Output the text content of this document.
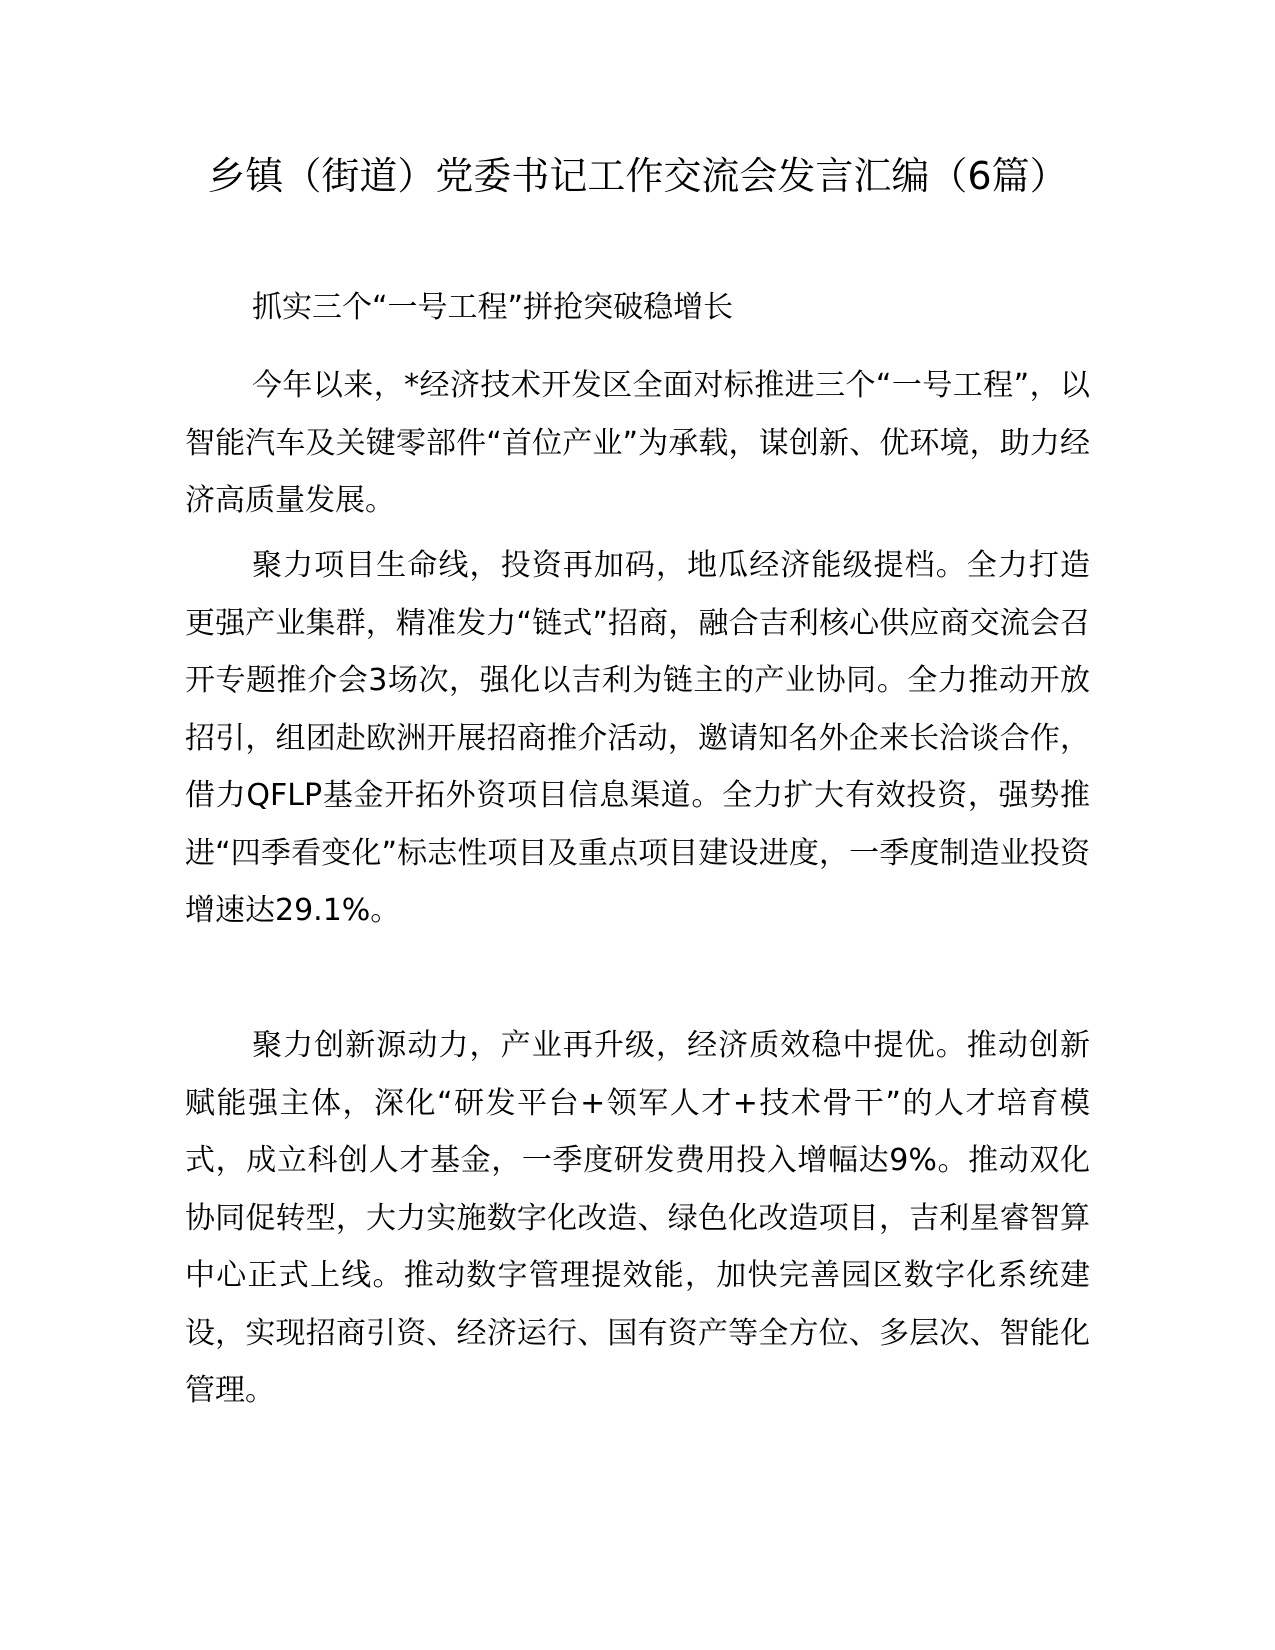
乡镇（街道）党委书记工作交流会发言汇编（6篇）

抓实三个“一号工程”拼抢突破稳增长

今年以来，*经济技术开发区全面对标推进三个“一号工程”，以智能汽车及关键零部件“首位产业”为承载，谋创新、优环境，助力经济高质量发展。

聚力项目生命线，投资再加码，地瓜经济能级提档。全力打造更强产业集群，精准发力“链式”招商，融合吉利核心供应商交流会召开专题推介会3场次，强化以吉利为链主的产业协同。全力推动开放招引，组团赴欧洲开展招商推介活动，邀请知名外企来长洽谈合作，借力QFLP基金开拓外资项目信息渠道。全力扩大有效投资，强势推进“四季看变化”标志性项目及重点项目建设进度，一季度制造业投资增速达29.1%。

聚力创新源动力，产业再升级，经济质效稳中提优。推动创新赋能强主体，深化“研发平台+领军人才+技术骨干”的人才培育模式，成立科创人才基金，一季度研发费用投入增幅达9%。推动双化协同促转型，大力实施数字化改造、绿色化改造项目，吉利星睿智算中心正式上线。推动数字管理提效能，加快完善园区数字化系统建设，实现招商引资、经济运行、国有资产等全方位、多层次、智能化管理。
